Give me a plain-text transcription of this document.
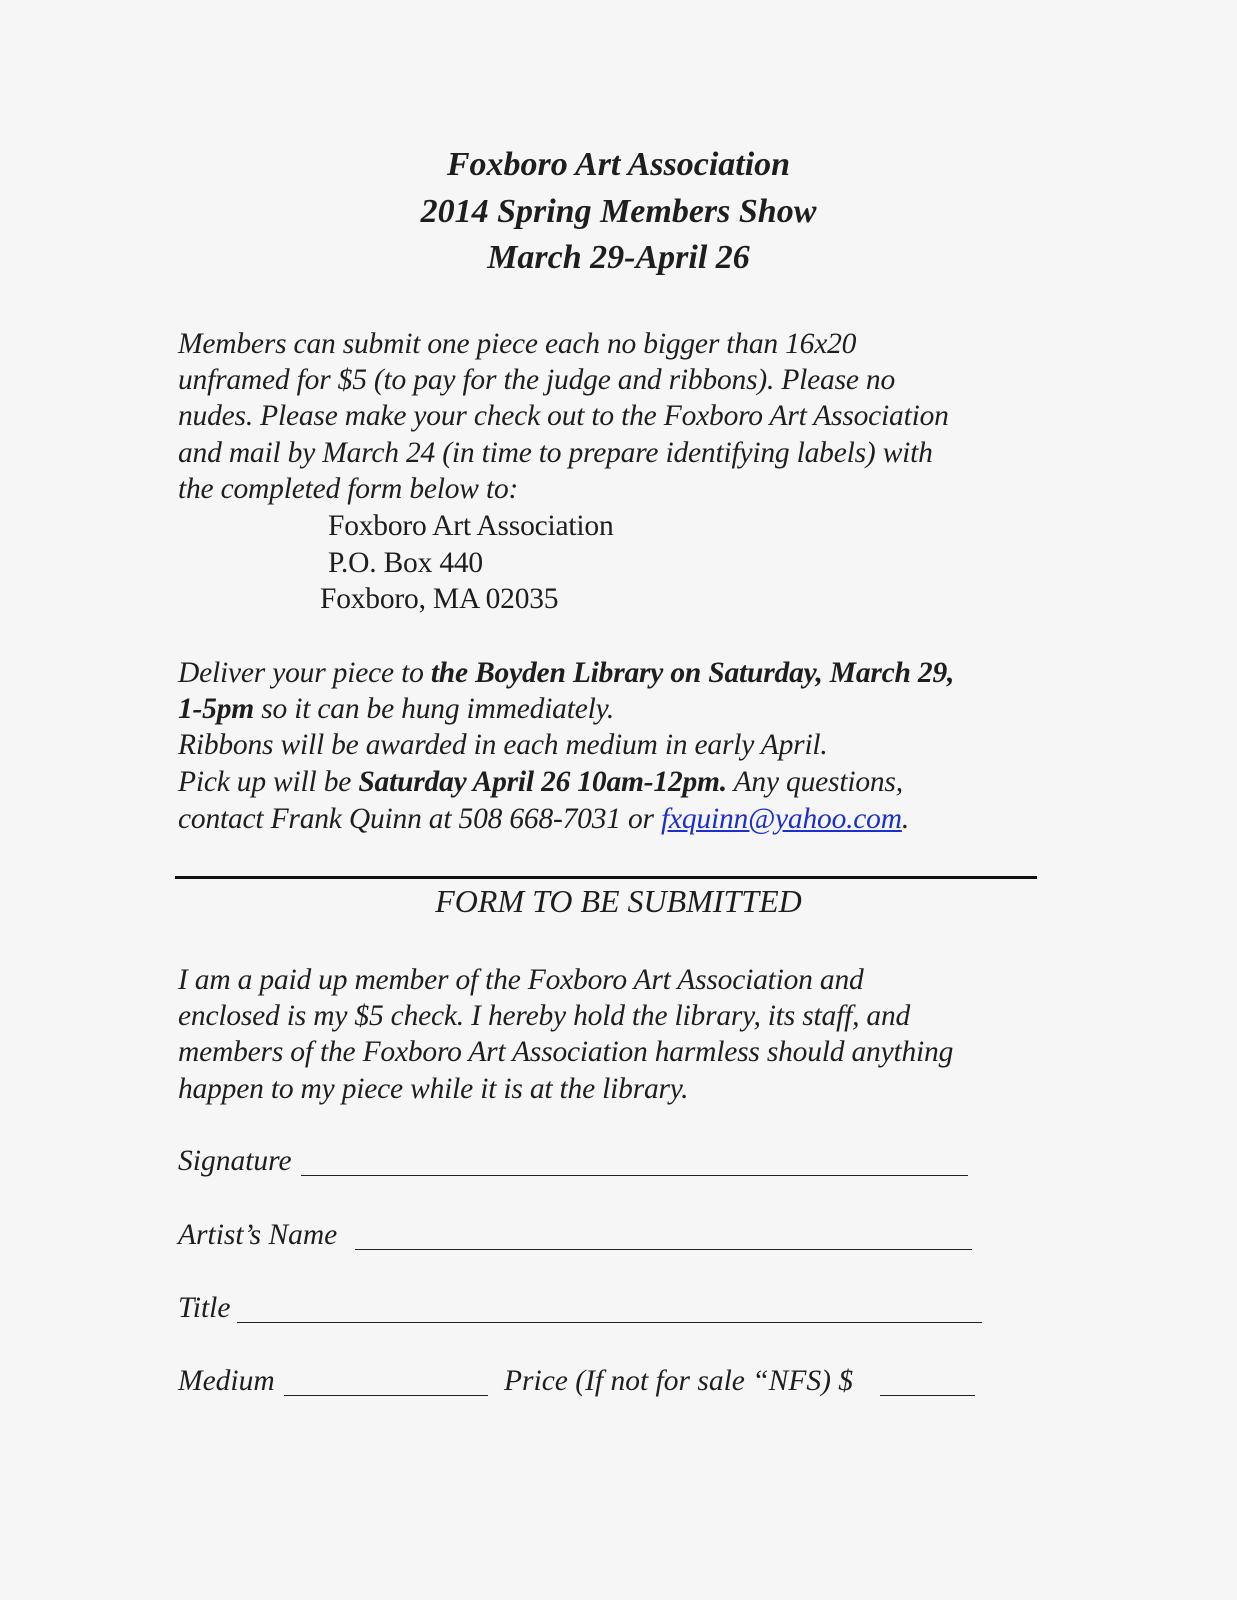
Foxboro Art Association
2014 Spring Members Show
March 29-April 26
Members can submit one piece each no bigger than 16x20
unframed for $5 (to pay for the judge and ribbons). Please no
nudes. Please make your check out to the Foxboro Art Association
and mail by March 24 (in time to prepare identifying labels) with
the completed form below to:
Foxboro Art Association
P.O. Box 440
Foxboro, MA 02035
Deliver your piece to the Boyden Library on Saturday, March 29,
1-5pm so it can be hung immediately.
Ribbons will be awarded in each medium in early April.
Pick up will be Saturday April 26 10am-12pm. Any questions,
contact Frank Quinn at 508 668-7031 or fxquinn@yahoo.com.
FORM TO BE SUBMITTED
I am a paid up member of the Foxboro Art Association and
enclosed is my $5 check. I hereby hold the library, its staff, and
members of the Foxboro Art Association harmless should anything
happen to my piece while it is at the library.
Signature
Artist’s Name
Title
Medium	Price (If not for sale “NFS) $
